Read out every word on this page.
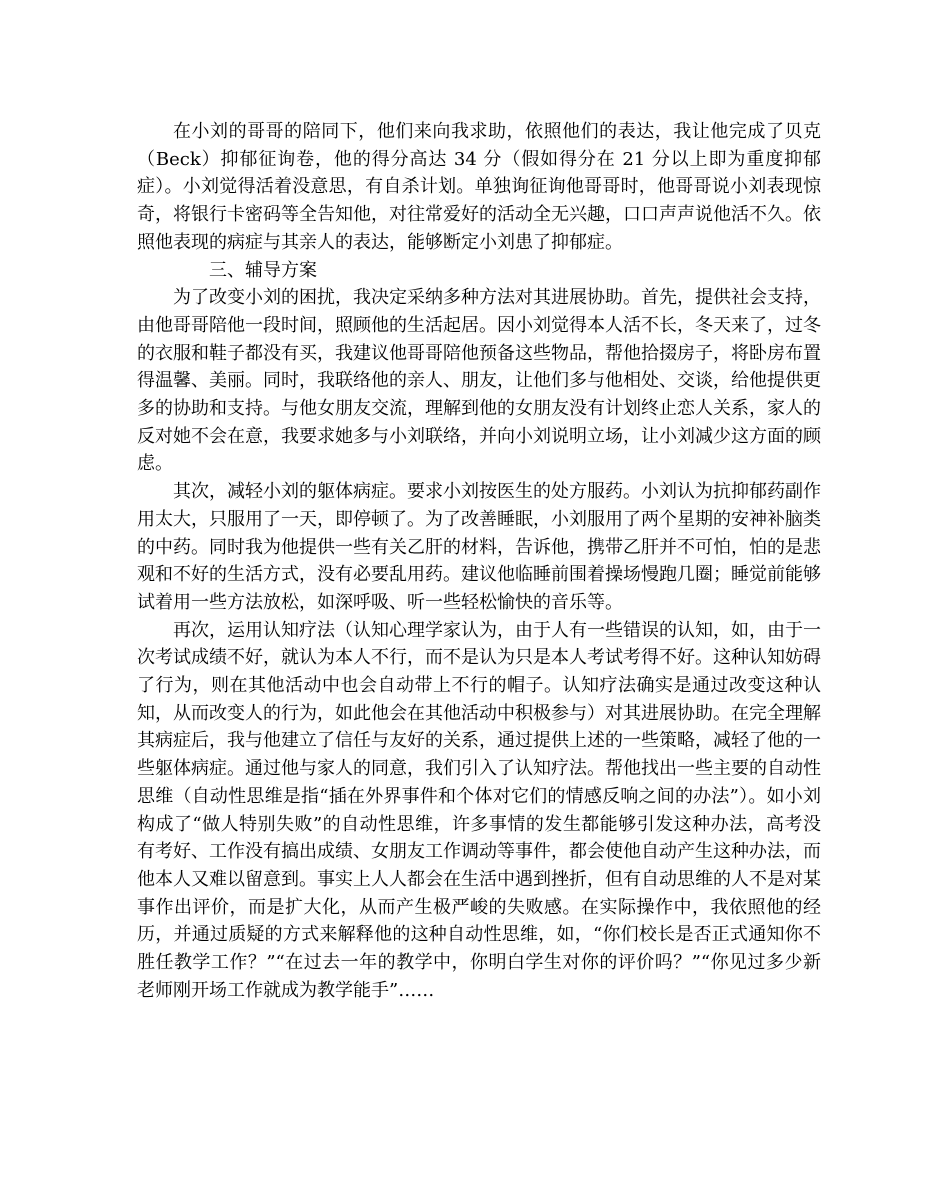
在小刘的哥哥的陪同下，他们来向我求助，依照他们的表达，我让他完成了贝克（Beck）抑郁征询卷，他的得分高达 34 分（假如得分在 21 分以上即为重度抑郁症）。小刘觉得活着没意思，有自杀计划。单独询征询他哥哥时，他哥哥说小刘表现惊奇，将银行卡密码等全告知他，对往常爱好的活动全无兴趣，口口声声说他活不久。依照他表现的病症与其亲人的表达，能够断定小刘患了抑郁症。

三、辅导方案

为了改变小刘的困扰，我决定采纳多种方法对其进展协助。首先，提供社会支持，由他哥哥陪他一段时间，照顾他的生活起居。因小刘觉得本人活不长，冬天来了，过冬的衣服和鞋子都没有买，我建议他哥哥陪他预备这些物品，帮他拾掇房子，将卧房布置得温馨、美丽。同时，我联络他的亲人、朋友，让他们多与他相处、交谈，给他提供更多的协助和支持。与他女朋友交流，理解到他的女朋友没有计划终止恋人关系，家人的反对她不会在意，我要求她多与小刘联络，并向小刘说明立场，让小刘减少这方面的顾虑。

其次，减轻小刘的躯体病症。要求小刘按医生的处方服药。小刘认为抗抑郁药副作用太大，只服用了一天，即停顿了。为了改善睡眠，小刘服用了两个星期的安神补脑类的中药。同时我为他提供一些有关乙肝的材料，告诉他，携带乙肝并不可怕，怕的是悲观和不好的生活方式，没有必要乱用药。建议他临睡前围着操场慢跑几圈；睡觉前能够试着用一些方法放松，如深呼吸、听一些轻松愉快的音乐等。

再次，运用认知疗法（认知心理学家认为，由于人有一些错误的认知，如，由于一次考试成绩不好，就认为本人不行，而不是认为只是本人考试考得不好。这种认知妨碍了行为，则在其他活动中也会自动带上不行的帽子。认知疗法确实是通过改变这种认知，从而改变人的行为，如此他会在其他活动中积极参与）对其进展协助。在完全理解其病症后，我与他建立了信任与友好的关系，通过提供上述的一些策略，减轻了他的一些躯体病症。通过他与家人的同意，我们引入了认知疗法。帮他找出一些主要的自动性思维（自动性思维是指“插在外界事件和个体对它们的情感反响之间的办法”）。如小刘构成了“做人特别失败”的自动性思维，许多事情的发生都能够引发这种办法，高考没有考好、工作没有搞出成绩、女朋友工作调动等事件，都会使他自动产生这种办法，而他本人又难以留意到。事实上人人都会在生活中遇到挫折，但有自动思维的人不是对某事作出评价，而是扩大化，从而产生极严峻的失败感。在实际操作中，我依照他的经历，并通过质疑的方式来解释他的这种自动性思维，如，“你们校长是否正式通知你不胜任教学工作？”“在过去一年的教学中，你明白学生对你的评价吗？”“你见过多少新老师刚开场工作就成为教学能手”……
